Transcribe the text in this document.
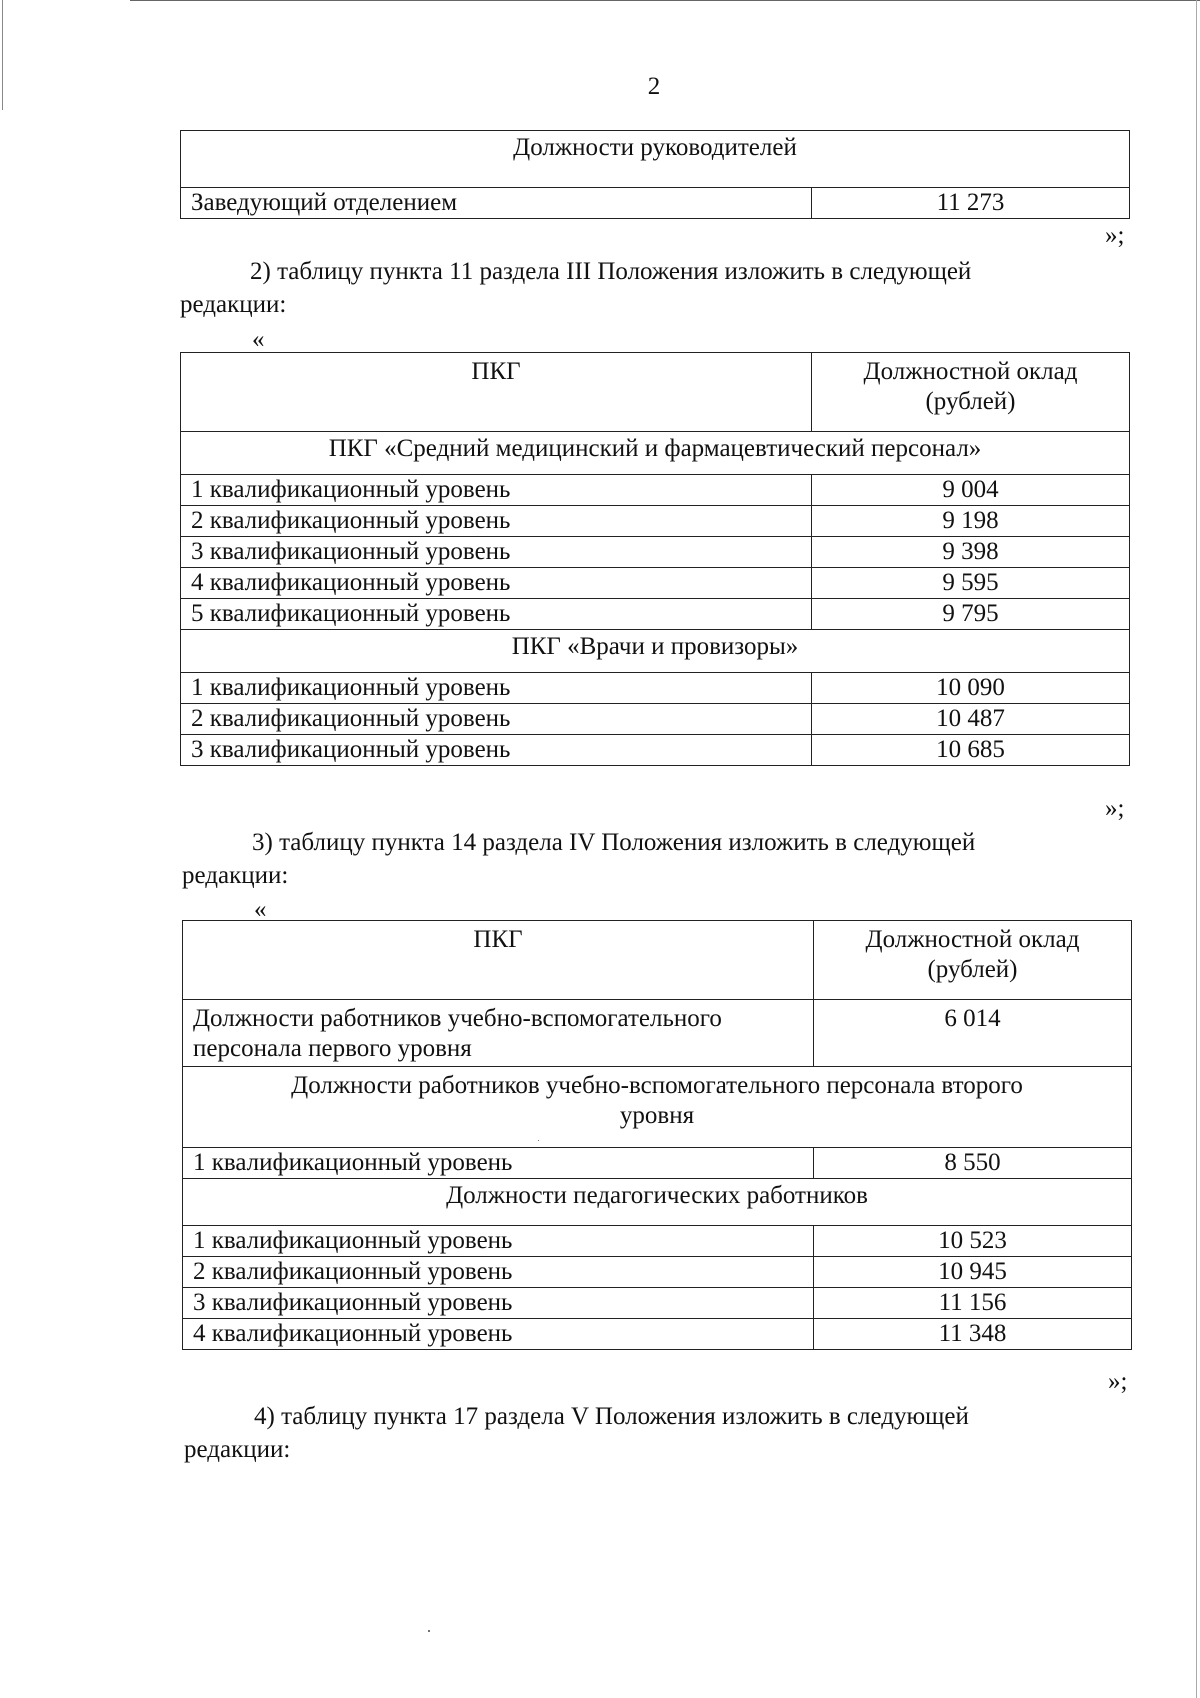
2
Должности руководителей
Заведующий отделением	11 273
»;
2) таблицу пункта 11 раздела III Положения изложить в следующей
редакции:
«
ПКГ	Должностной оклад
(рублей)

ПКГ «Средний медицинский и фармацевтический персонал»	
1 квалификационный уровень	9 004
2 квалификационный уровень	9 198
3 квалификационный уровень	9 398
4 квалификационный уровень	9 595
5 квалификационный уровень	9 795
ПКГ «Врачи и провизоры»	
1 квалификационный уровень	10 090
2 квалификационный уровень	10 487
3 квалификационный уровень	10 685
»;
3) таблицу пункта 14 раздела IV Положения изложить в следующей
редакции:
«
ПКГ	Должностной оклад
(рублей)

Должности работников учебно-вспомогательного
персонала первого уровня	6 014

Должности работников учебно-вспомогательного персонала второго
уровня	

1 квалификационный уровень	8 550
Должности педагогических работников	
1 квалификационный уровень	10 523
2 квалификационный уровень	10 945
3 квалификационный уровень	11 156
4 квалификационный уровень	11 348
»;
4) таблицу пункта 17 раздела V Положения изложить в следующей
редакции:
